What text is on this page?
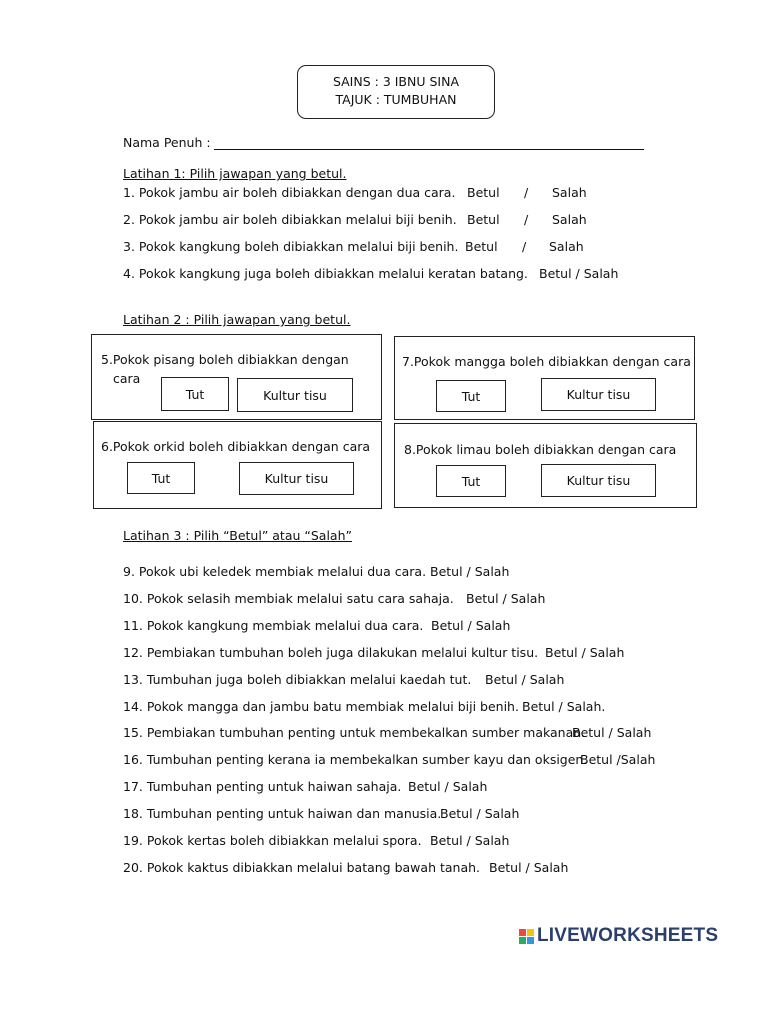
SAINS : 3 IBNU SINA
TAJUK : TUMBUHAN
Nama Penuh :
Latihan 1: Pilih jawapan yang betul.
1. Pokok jambu air boleh dibiakkan dengan dua cara. Betul / Salah
2. Pokok jambu air boleh dibiakkan melalui biji benih. Betul / Salah
3. Pokok kangkung boleh dibiakkan melalui biji benih. Betul / Salah
4. Pokok kangkung juga boleh dibiakkan melalui keratan batang. Betul / Salah
Latihan 2 : Pilih jawapan yang betul.
5.Pokok pisang boleh dibiakkan dengan
cara
Tut	Kultur tisu
7.Pokok mangga boleh dibiakkan dengan cara
Tut	Kultur tisu
6.Pokok orkid boleh dibiakkan dengan cara
Tut	Kultur tisu
8.Pokok limau boleh dibiakkan dengan cara
Tut	Kultur tisu
Latihan 3 : Pilih “Betul” atau “Salah”
9. Pokok ubi keledek membiak melalui dua cara. Betul / Salah
10. Pokok selasih membiak melalui satu cara sahaja. Betul / Salah
11. Pokok kangkung membiak melalui dua cara. Betul / Salah
12. Pembiakan tumbuhan boleh juga dilakukan melalui kultur tisu. Betul / Salah
13. Tumbuhan juga boleh dibiakkan melalui kaedah tut. Betul / Salah
14. Pokok mangga dan jambu batu membiak melalui biji benih. Betul / Salah.
15. Pembiakan tumbuhan penting untuk membekalkan sumber makanan.
Betul / Salah
16. Tumbuhan penting kerana ia membekalkan sumber kayu dan oksigen.
Betul /Salah
17. Tumbuhan penting untuk haiwan sahaja. Betul / Salah
18. Tumbuhan penting untuk haiwan dan manusia.
Betul / Salah
19. Pokok kertas boleh dibiakkan melalui spora. Betul / Salah
20. Pokok kaktus dibiakkan melalui batang bawah tanah. Betul / Salah
LIVEWORKSHEETS
